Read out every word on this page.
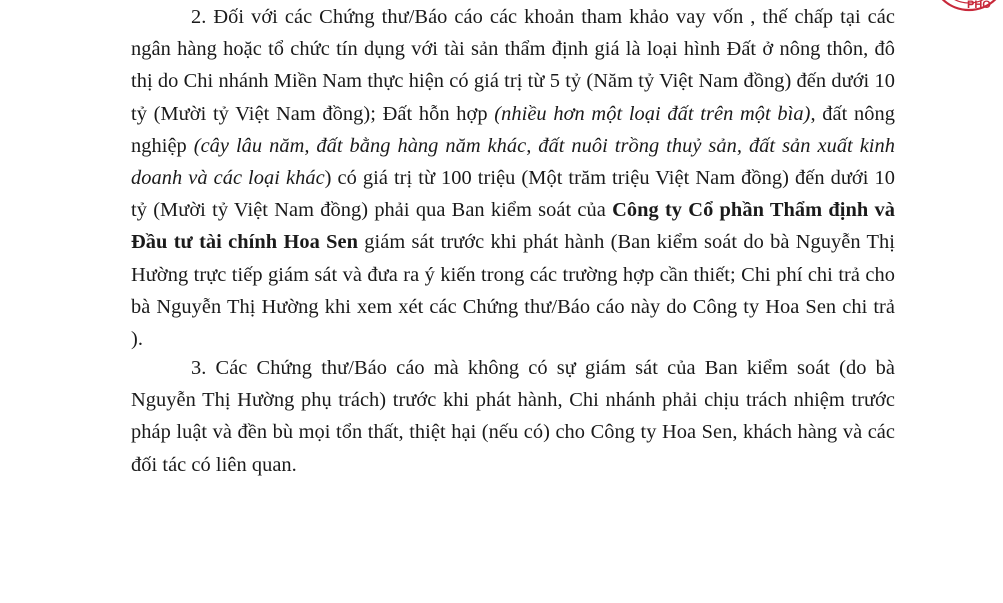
PHÒ

2. Đối với các Chứng thư/Báo cáo các khoản tham khảo vay vốn , thế chấp tại các ngân hàng hoặc tổ chức tín dụng với tài sản thẩm định giá là loại hình Đất ở nông thôn, đô thị do Chi nhánh Miền Nam thực hiện có giá trị từ 5 tỷ (Năm tỷ Việt Nam đồng) đến dưới 10 tỷ (Mười tỷ Việt Nam đồng); Đất hỗn hợp (nhiều hơn một loại đất trên một bìa), đất nông nghiệp (cây lâu năm, đất bằng hàng năm khác, đất nuôi trồng thuỷ sản, đất sản xuất kinh doanh và các loại khác) có giá trị từ 100 triệu (Một trăm triệu Việt Nam đồng) đến dưới 10 tỷ (Mười tỷ Việt Nam đồng) phải qua Ban kiểm soát của Công ty Cổ phần Thẩm định và Đầu tư tài chính Hoa Sen giám sát trước khi phát hành (Ban kiểm soát do bà Nguyễn Thị Hường trực tiếp giám sát và đưa ra ý kiến trong các trường hợp cần thiết; Chi phí chi trả cho bà Nguyễn Thị Hường khi xem xét các Chứng thư/Báo cáo này do Công ty Hoa Sen chi trả ).

3. Các Chứng thư/Báo cáo mà không có sự giám sát của Ban kiểm soát (do bà Nguyễn Thị Hường phụ trách) trước khi phát hành, Chi nhánh phải chịu trách nhiệm trước pháp luật và đền bù mọi tổn thất, thiệt hại (nếu có) cho Công ty Hoa Sen, khách hàng và các đối tác có liên quan.
